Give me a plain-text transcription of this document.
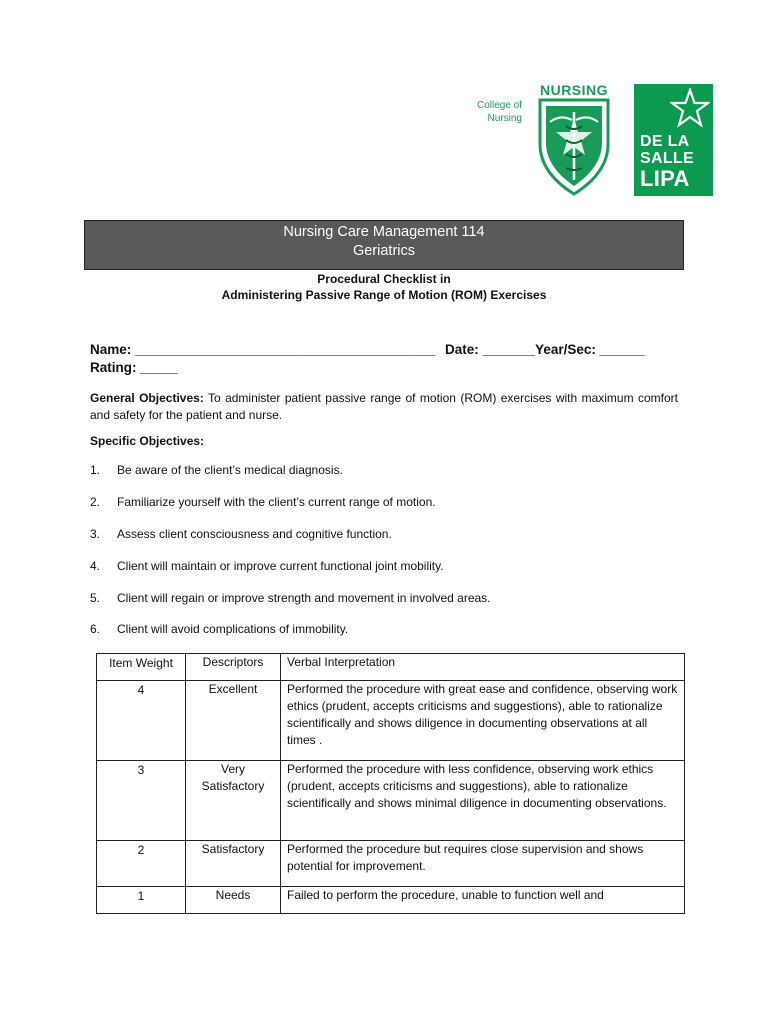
College of
Nursing
NURSING
DE LA
SALLE
LIPA
Nursing Care Management 114
Geriatrics
Procedural Checklist in
Administering Passive Range of Motion (ROM) Exercises
Name: ________________________________________ Date: _______Year/Sec: ______
Rating: _____
General Objectives: To administer patient passive range of motion (ROM) exercises with maximum comfort and safety for the patient and nurse.
Specific Objectives:
1. Be aware of the client’s medical diagnosis.
2. Familiarize yourself with the client’s current range of motion.
3. Assess client consciousness and cognitive function.
4. Client will maintain or improve current functional joint mobility.
5. Client will regain or improve strength and movement in involved areas.
6. Client will avoid complications of immobility.
Item Weight	Descriptors	Verbal Interpretation
4	Excellent	Performed the procedure with great ease and confidence, observing work ethics (prudent, accepts criticisms and suggestions), able to rationalize scientifically and shows diligence in documenting observations at all times .
3	Very Satisfactory	Performed the procedure with less confidence, observing work ethics (prudent, accepts criticisms and suggestions), able to rationalize scientifically and shows minimal diligence in documenting observations.
2	Satisfactory	Performed the procedure but requires close supervision and shows potential for improvement.
1	Needs	Failed to perform the procedure, unable to function well and
